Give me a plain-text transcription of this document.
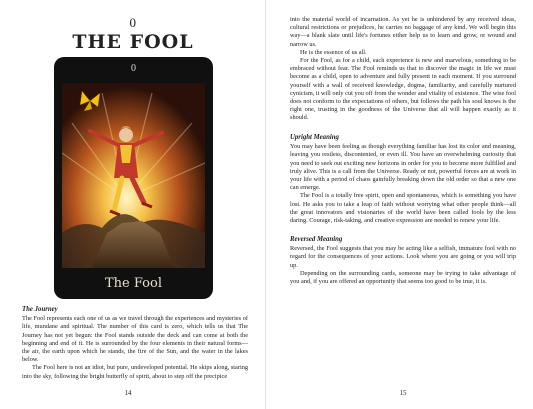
0
THE FOOL
0
The Fool
The Journey

The Fool represents each one of us as we travel through the experiences and mysteries of life, mundane and spiritual. The number of this card is zero, which tells us that The Journey has not yet begun: the Fool stands outside the deck and can come at both the beginning and end of it. He is surrounded by the four elements in their natural forms—the air, the earth upon which he stands, the fire of the Sun, and the water in the lakes below.

The Fool here is not an idiot, but pure, undeveloped potential. He skips along, staring into the sky, following the bright butterfly of spirit, about to step off the precipice

14

into the material world of incarnation. As yet he is unhindered by any received ideas, cultural restrictions or prejudices, he carries no baggage of any kind. We will begin this way—a blank slate until life's fortunes either help us to learn and grow, or wound and narrow us.

He is the essence of us all.

For the Fool, as for a child, each experience is new and marvelous, something to be embraced without fear. The Fool reminds us that to discover the magic in life we must become as a child, open to adventure and fully present in each moment. If you surround yourself with a wall of received knowledge, dogma, familiarity, and carefully nurtured cynicism, it will only cut you off from the wonder and vitality of existence. The wise fool does not conform to the expectations of others, but follows the path his soul knows is the right one, trusting in the goodness of the Universe that all will happen exactly as it should.

Upright Meaning

You may have been feeling as though everything familiar has lost its color and meaning, leaving you restless, discontented, or even ill. You have an overwhelming curiosity that you need to seek out exciting new horizons in order for you to become more fulfilled and truly alive. This is a call from the Universe. Ready or not, powerful forces are at work in your life with a period of chaos gainfully breaking down the old order so that a new one can emerge.

The Fool is a totally free spirit, open and spontaneous, which is something you have lost. He asks you to take a leap of faith without worrying what other people think—all the great innovators and visionaries of the world have been called fools by the less daring. Courage, risk-taking, and creative expression are needed to renew your life.

Reversed Meaning

Reversed, the Fool suggests that you may be acting like a selfish, immature fool with no regard for the consequences of your actions. Look where you are going or you will trip up.

Depending on the surrounding cards, someone may be trying to take advantage of you and, if you are offered an opportunity that seems too good to be true, it is.

15
